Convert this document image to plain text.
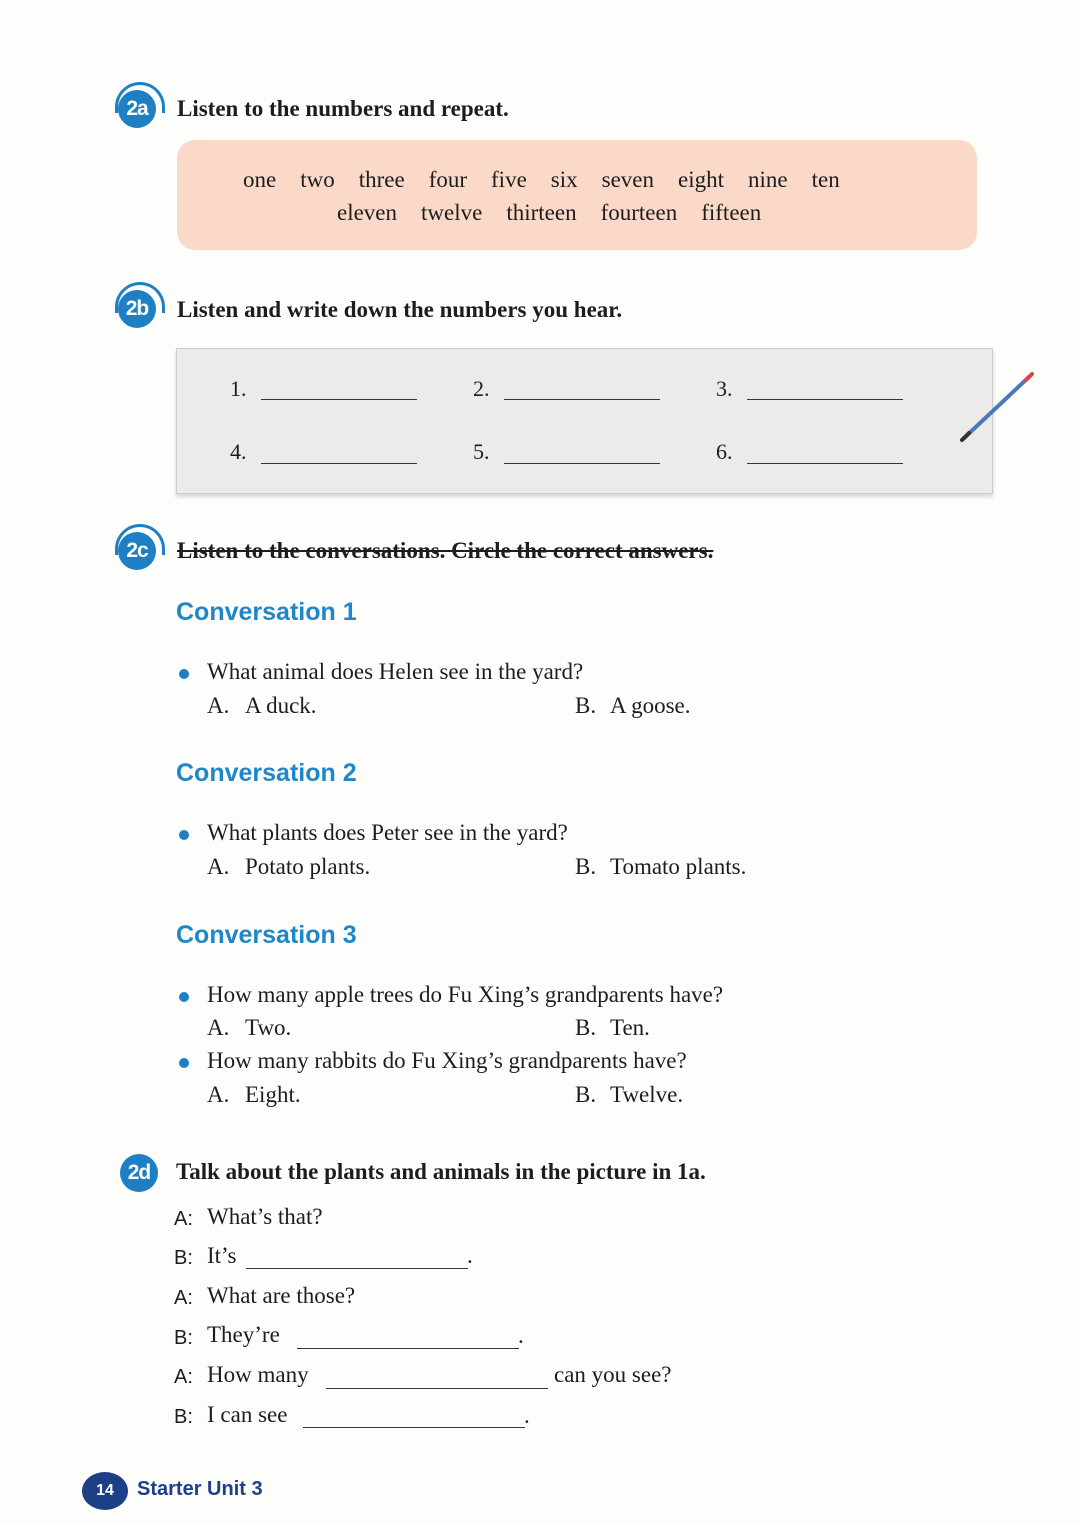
2a	Listen to the numbers and repeat.
one two three four five six seven eight nine ten
eleven twelve thirteen fourteen fifteen
2b	Listen and write down the numbers you hear.
1.	2.	3.
4.	5.	6.
2c	Listen to the conversations. Circle the correct answers.
Conversation 1
What animal does Helen see in the yard?
A. A duck.	B. A goose.
Conversation 2
What plants does Peter see in the yard?
A. Potato plants.	B. Tomato plants.
Conversation 3
How many apple trees do Fu Xing’s grandparents have?
A. Two.	B. Ten.
How many rabbits do Fu Xing’s grandparents have?
A. Eight.	B. Twelve.
2d	Talk about the plants and animals in the picture in 1a.
A: What’s that?
B: It’s	.
A: What are those?
B: They’re	.
A: How many	can you see?
B: I can see	.
14	Starter Unit 3
